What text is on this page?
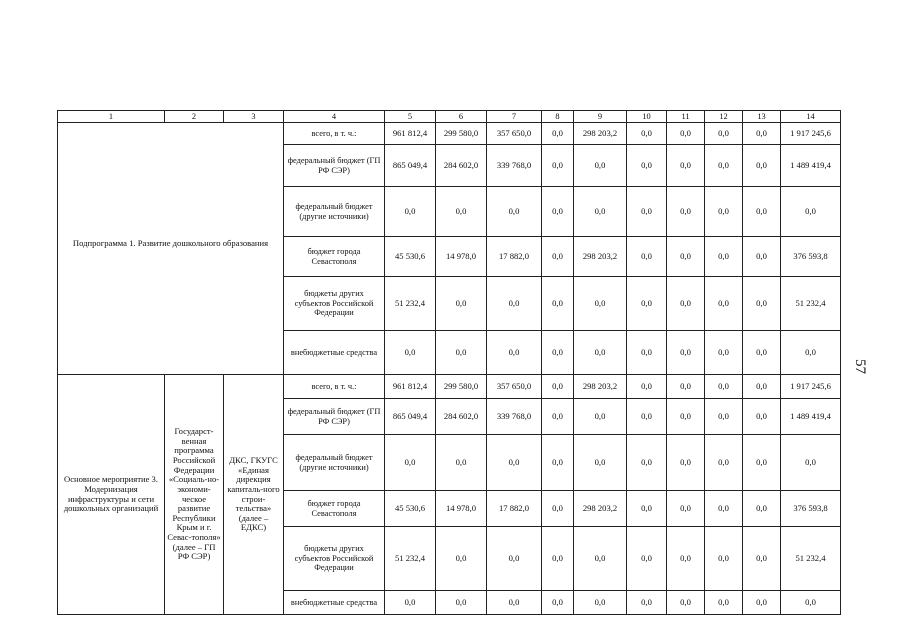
1	2	3	4	5	6	7	8	9	10	11	12	13	14
Подпрограмма 1. Развитие дошкольного образования			всего, в т. ч.:	961 812,4	299 580,0	357 650,0	0,0	298 203,2	0,0	0,0	0,0	0,0	1 917 245,6
			федеральный бюджет (ГП РФ СЭР)	865 049,4	284 602,0	339 768,0	0,0	0,0	0,0	0,0	0,0	0,0	1 489 419,4
			федеральный бюджет (другие источники)	0,0	0,0	0,0	0,0	0,0	0,0	0,0	0,0	0,0	0,0
			бюджет города Севастополя	45 530,6	14 978,0	17 882,0	0,0	298 203,2	0,0	0,0	0,0	0,0	376 593,8
			бюджеты других субъектов Российской Федерации	51 232,4	0,0	0,0	0,0	0,0	0,0	0,0	0,0	0,0	51 232,4
			внебюджетные средства	0,0	0,0	0,0	0,0	0,0	0,0	0,0	0,0	0,0	0,0
Основное мероприятие 3. Модернизация инфраструктуры и сети дошкольных организаций	Государст-венная программа Российской Федерации «Социаль-но-экономи-ческое развитие Республики Крым и г. Севас-тополя» (далее – ГП РФ СЭР)	ДКС, ГКУГС «Единая дирекция капиталь-ного строи-тельства» (далее – ЕДКС)	всего, в т. ч.:	961 812,4	299 580,0	357 650,0	0,0	298 203,2	0,0	0,0	0,0	0,0	1 917 245,6
			федеральный бюджет (ГП РФ СЭР)	865 049,4	284 602,0	339 768,0	0,0	0,0	0,0	0,0	0,0	0,0	1 489 419,4
			федеральный бюджет (другие источники)	0,0	0,0	0,0	0,0	0,0	0,0	0,0	0,0	0,0	0,0
			бюджет города Севастополя	45 530,6	14 978,0	17 882,0	0,0	298 203,2	0,0	0,0	0,0	0,0	376 593,8
			бюджеты других субъектов Российской Федерации	51 232,4	0,0	0,0	0,0	0,0	0,0	0,0	0,0	0,0	51 232,4
			внебюджетные средства	0,0	0,0	0,0	0,0	0,0	0,0	0,0	0,0	0,0	0,0
57
